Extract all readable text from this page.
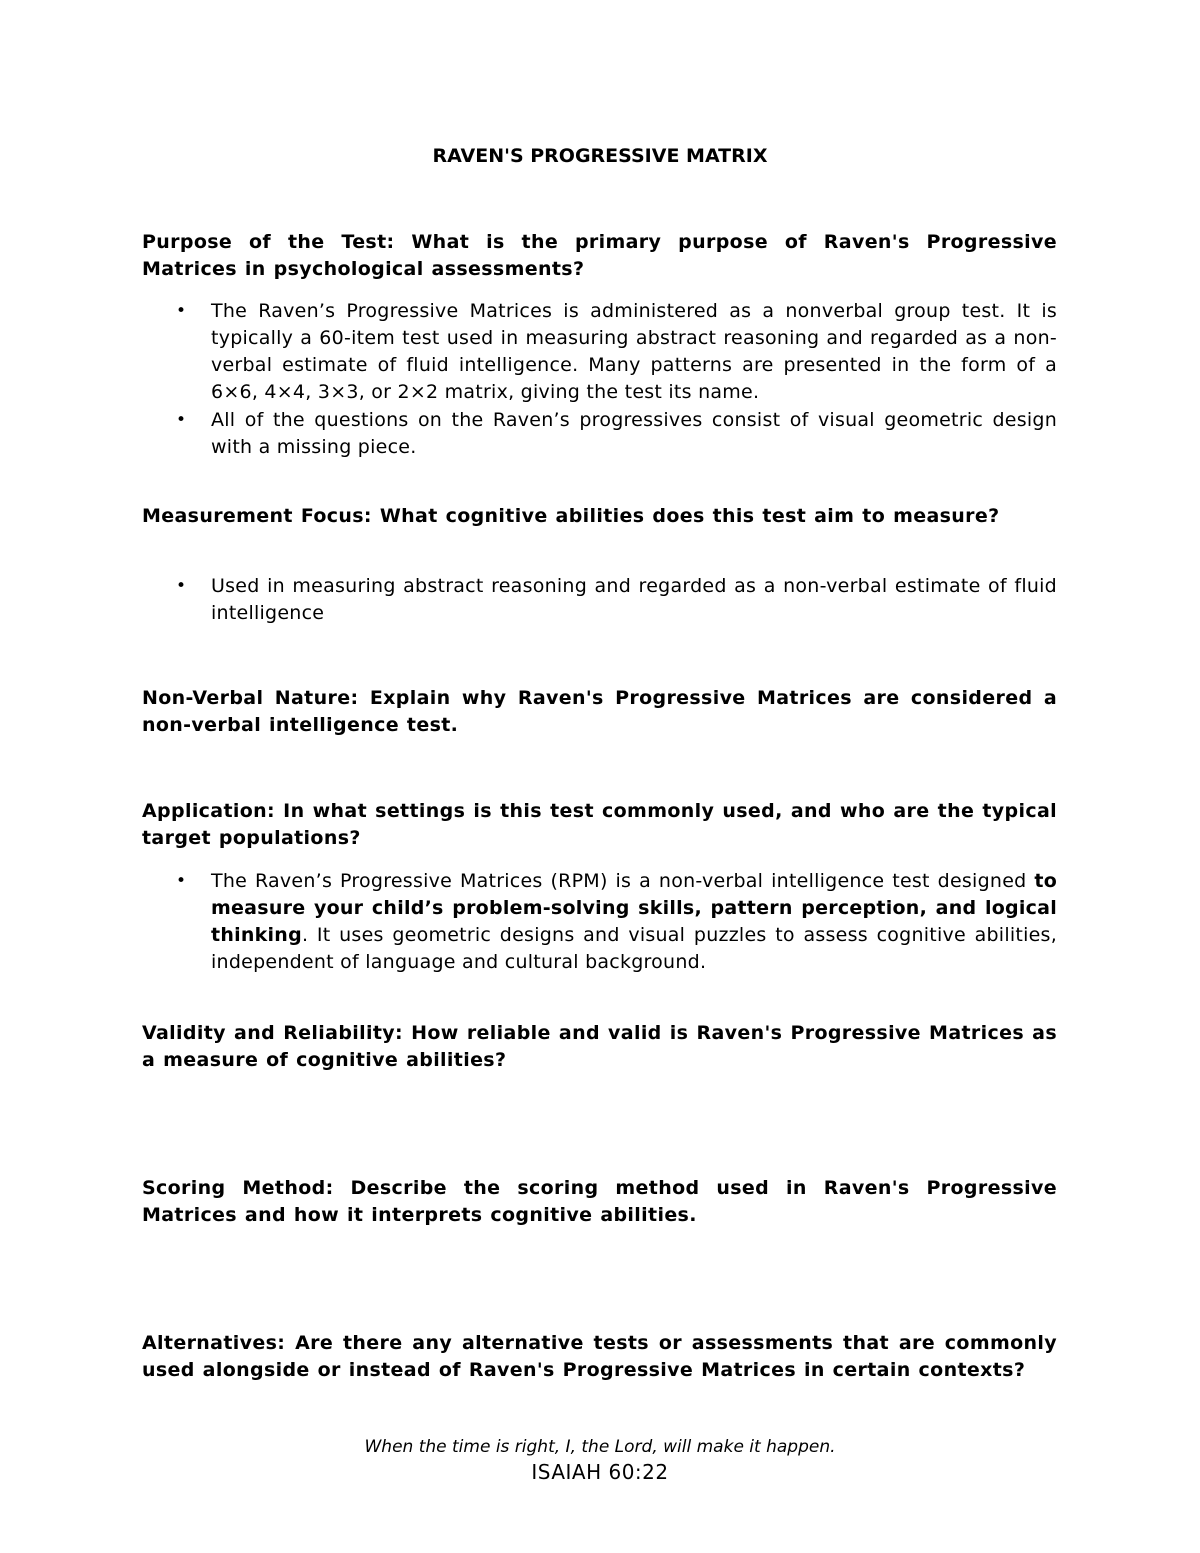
RAVEN'S PROGRESSIVE MATRIX
Purpose of the Test: What is the primary purpose of Raven's Progressive Matrices in psychological assessments?
• The Raven’s Progressive Matrices is administered as a nonverbal group test. It is typically a 60-item test used in measuring abstract reasoning and regarded as a non-verbal estimate of fluid intelligence. Many patterns are presented in the form of a 6×6, 4×4, 3×3, or 2×2 matrix, giving the test its name.
• All of the questions on the Raven’s progressives consist of visual geometric design with a missing piece.
Measurement Focus: What cognitive abilities does this test aim to measure?
• Used in measuring abstract reasoning and regarded as a non-verbal estimate of fluid intelligence
Non-Verbal Nature: Explain why Raven's Progressive Matrices are considered a non-verbal intelligence test.
Application: In what settings is this test commonly used, and who are the typical target populations?
• The Raven’s Progressive Matrices (RPM) is a non-verbal intelligence test designed to measure your child’s problem-solving skills, pattern perception, and logical thinking. It uses geometric designs and visual puzzles to assess cognitive abilities, independent of language and cultural background.
Validity and Reliability: How reliable and valid is Raven's Progressive Matrices as a measure of cognitive abilities?
Scoring Method: Describe the scoring method used in Raven's Progressive Matrices and how it interprets cognitive abilities.
Alternatives: Are there any alternative tests or assessments that are commonly used alongside or instead of Raven's Progressive Matrices in certain contexts?
When the time is right, I, the Lord, will make it happen.
ISAIAH 60:22
